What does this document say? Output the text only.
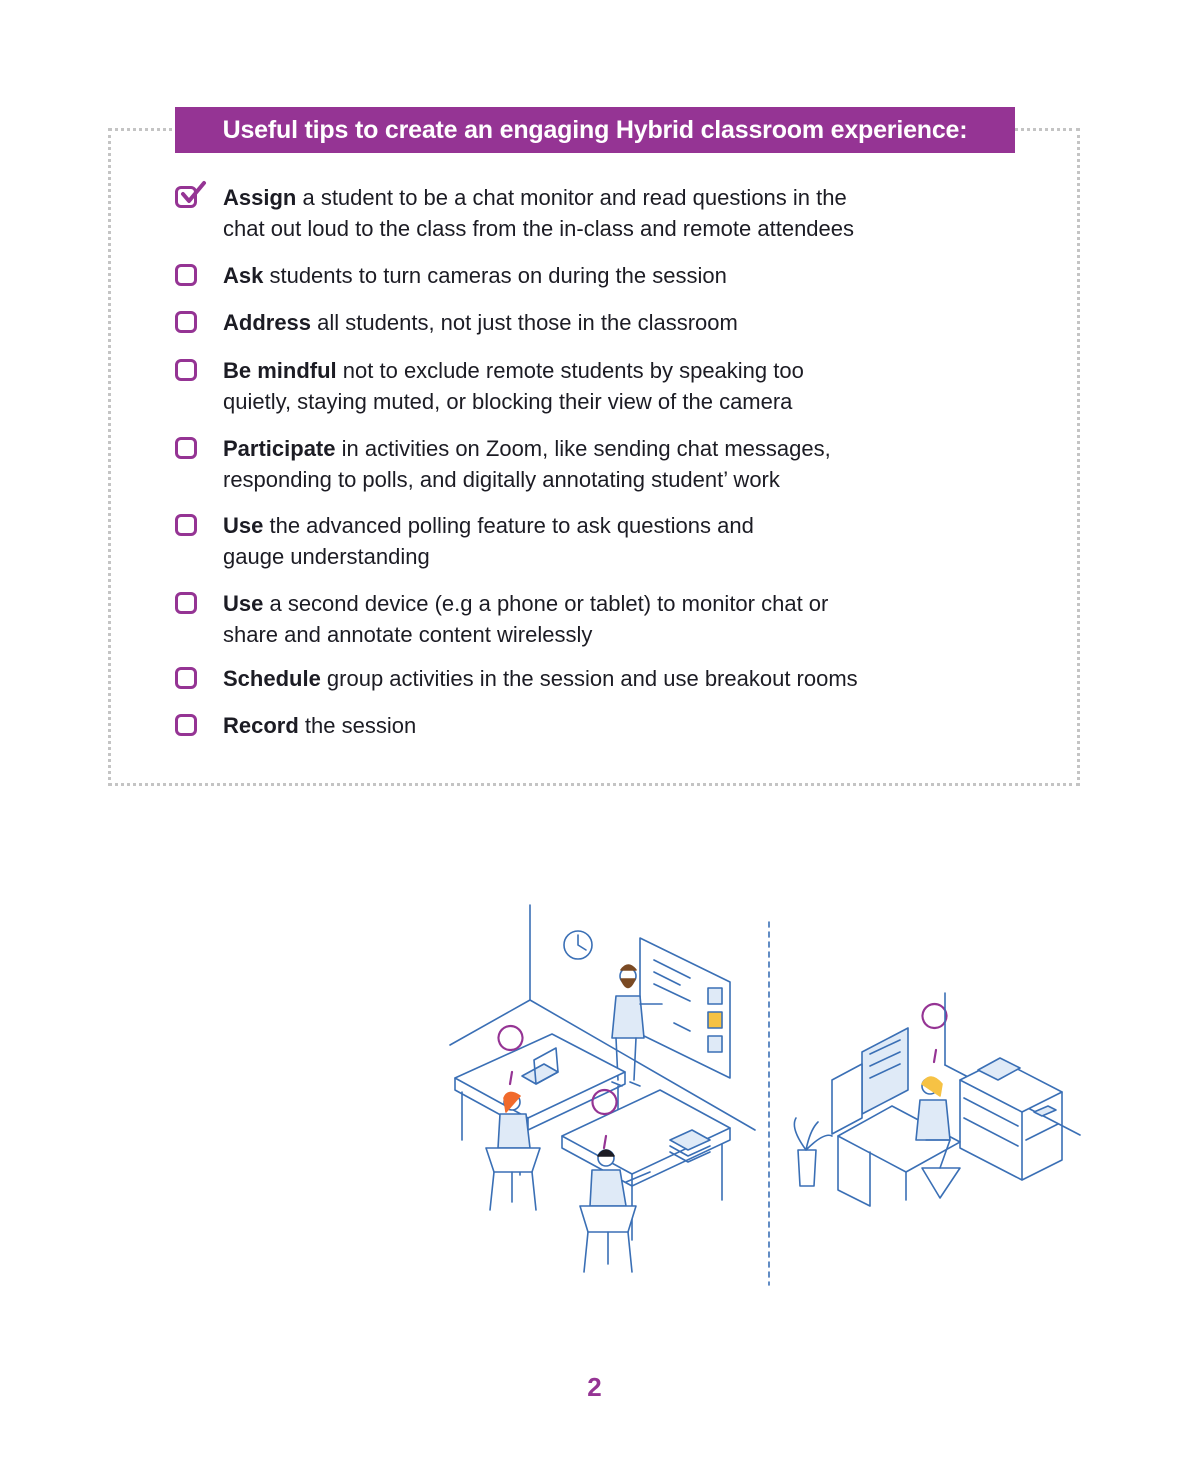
Useful tips to create an engaging Hybrid classroom experience:
Assign a student to be a chat monitor and read questions in the
chat out loud to the class from the in-class and remote attendees
Ask students to turn cameras on during the session
Address all students, not just those in the classroom
Be mindful not to exclude remote students by speaking too
quietly, staying muted, or blocking their view of the camera
Participate in activities on Zoom, like sending chat messages,
responding to polls, and digitally annotating student’ work
Use the advanced polling feature to ask questions and
gauge understanding
Use a second device (e.g a phone or tablet) to monitor chat or
share and annotate content wirelessly
Schedule group activities in the session and use breakout rooms
Record the session
2
